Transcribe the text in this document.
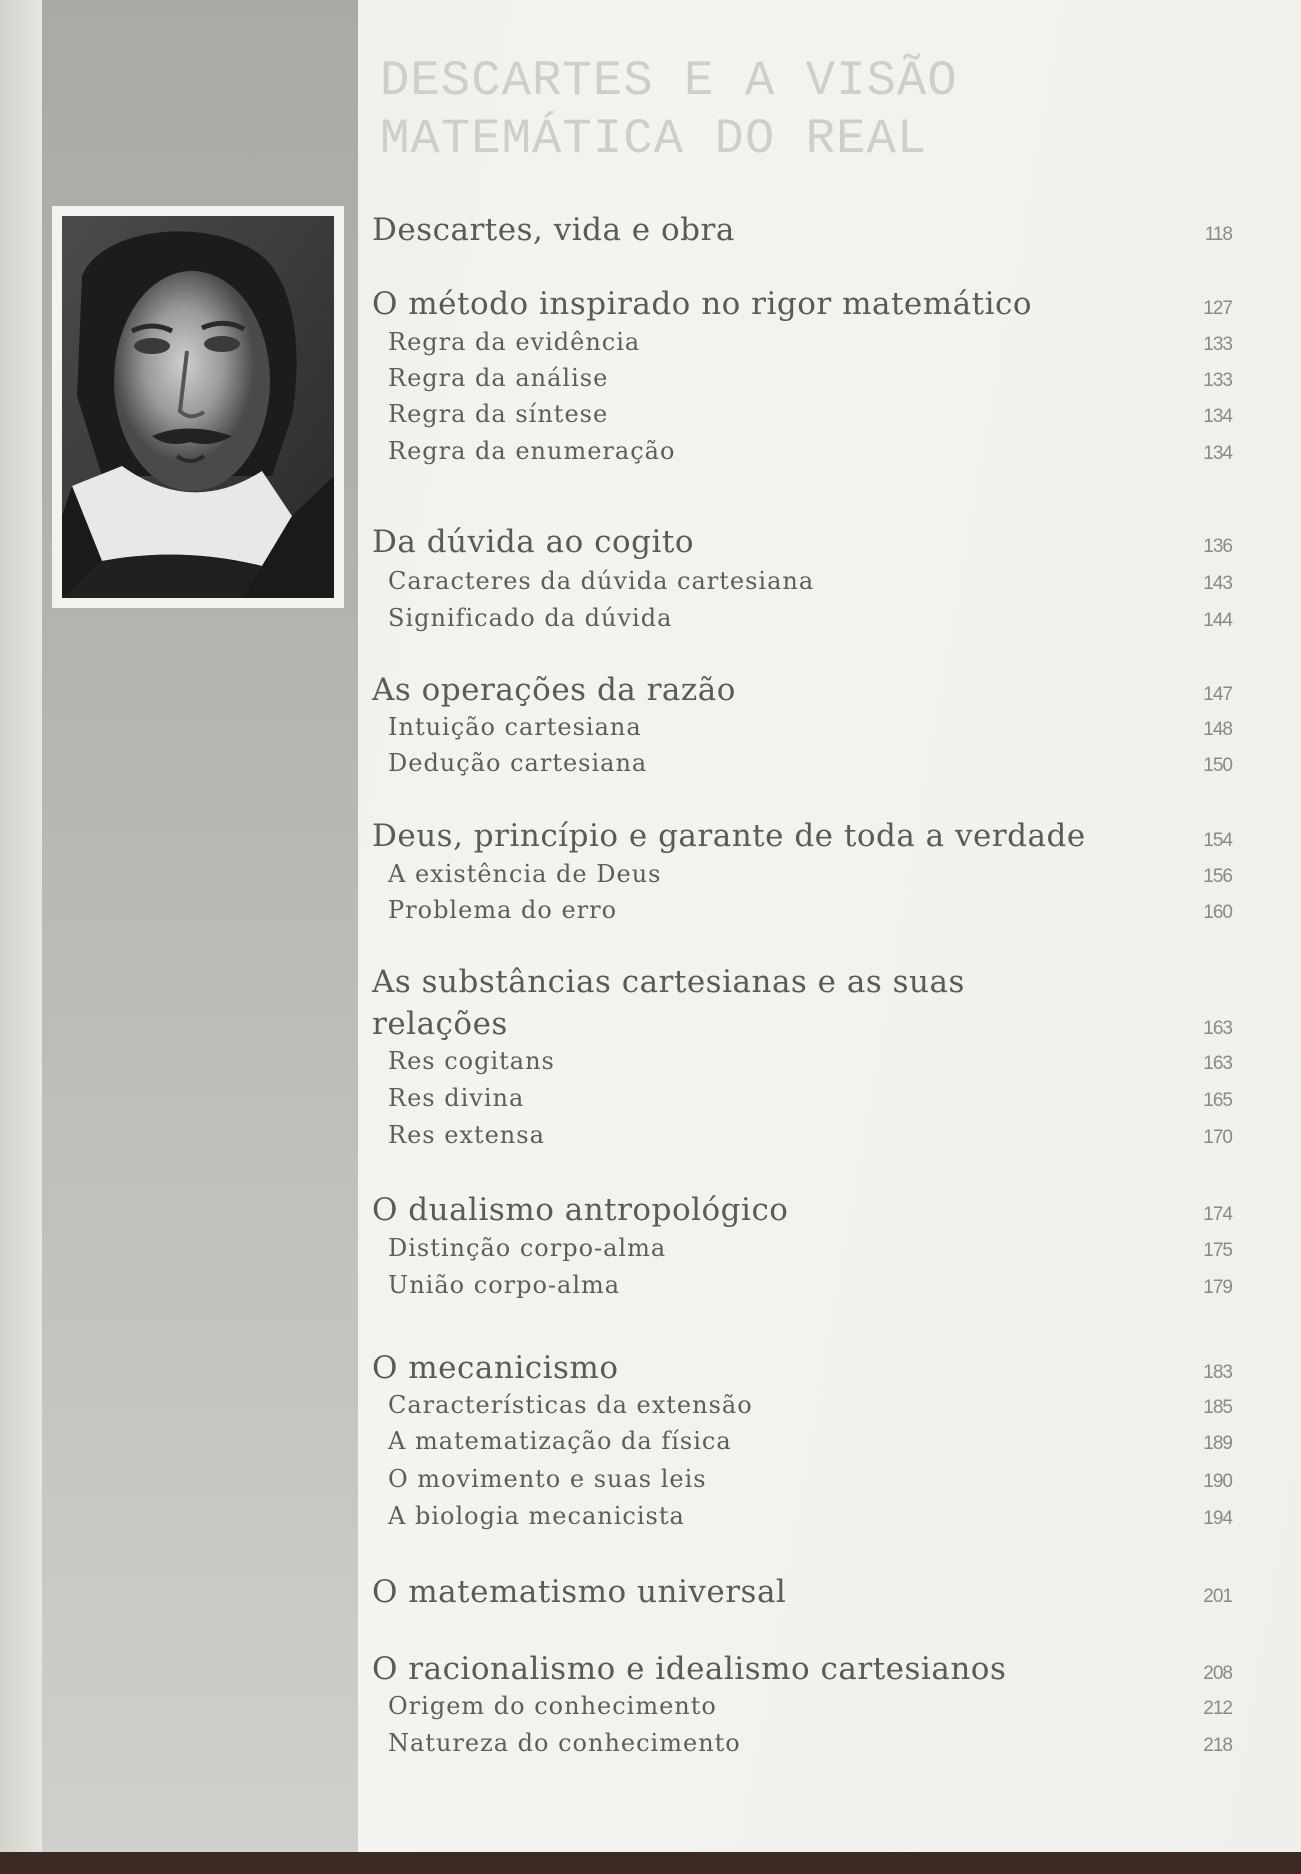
DESCARTES E A VISÃO
MATEMÁTICA DO REAL
Descartes, vida e obra	118
O método inspirado no rigor matemático	127
Regra da evidência	133
Regra da análise	133
Regra da síntese	134
Regra da enumeração	134
Da dúvida ao cogito	136
Caracteres da dúvida cartesiana	143
Significado da dúvida	144
As operações da razão	147
Intuição cartesiana	148
Dedução cartesiana	150
Deus, princípio e garante de toda a verdade	154
A existência de Deus	156
Problema do erro	160
As substâncias cartesianas e as suas
relações	163
Res cogitans	163
Res divina	165
Res extensa	170
O dualismo antropológico	174
Distinção corpo-alma	175
União corpo-alma	179
O mecanicismo	183
Características da extensão	185
A matematização da física	189
O movimento e suas leis	190
A biologia mecanicista	194
O matematismo universal	201
O racionalismo e idealismo cartesianos	208
Origem do conhecimento	212
Natureza do conhecimento	218
